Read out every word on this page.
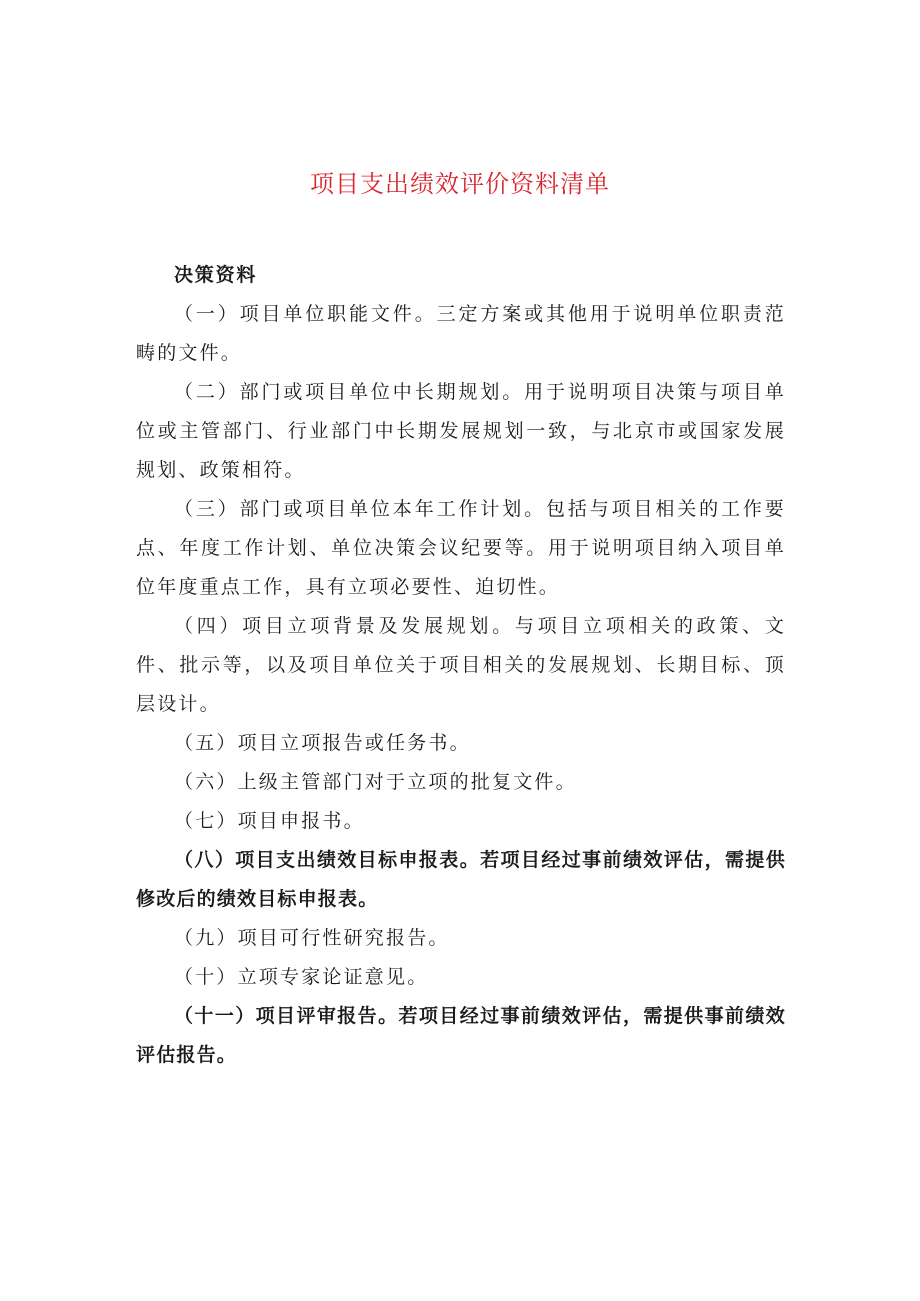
项目支出绩效评价资料清单

决策资料

（一）项目单位职能文件。三定方案或其他用于说明单位职责范畴的文件。

（二）部门或项目单位中长期规划。用于说明项目决策与项目单位或主管部门、行业部门中长期发展规划一致，与北京市或国家发展规划、政策相符。

（三）部门或项目单位本年工作计划。包括与项目相关的工作要点、年度工作计划、单位决策会议纪要等。用于说明项目纳入项目单位年度重点工作，具有立项必要性、迫切性。

（四）项目立项背景及发展规划。与项目立项相关的政策、文件、批示等，以及项目单位关于项目相关的发展规划、长期目标、顶层设计。

（五）项目立项报告或任务书。

（六）上级主管部门对于立项的批复文件。

（七）项目申报书。

（八）项目支出绩效目标申报表。若项目经过事前绩效评估，需提供修改后的绩效目标申报表。

（九）项目可行性研究报告。

（十）立项专家论证意见。

（十一）项目评审报告。若项目经过事前绩效评估，需提供事前绩效评估报告。
